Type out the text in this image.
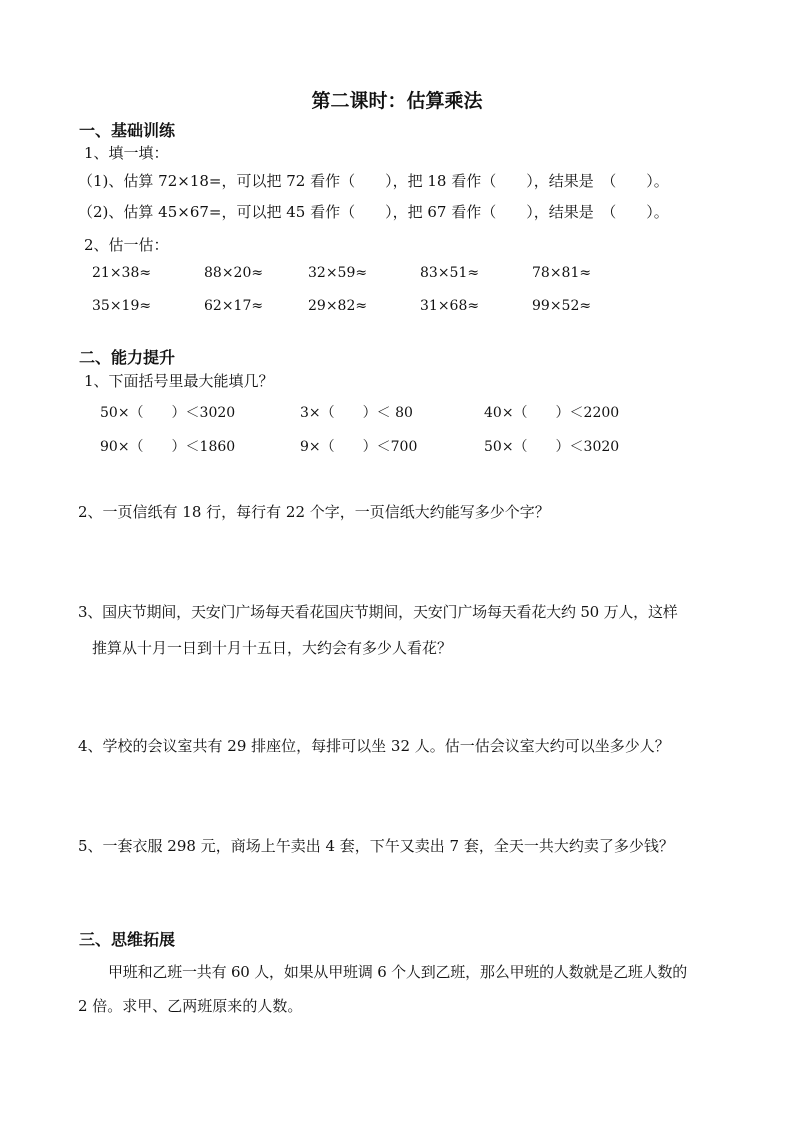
第二课时：估算乘法
一、基础训练
1、填一填：
（1)、估算 72×18=，可以把 72 看作（　　），把 18 看作（　　），结果是　（　　）。
（2)、估算 45×67=，可以把 45 看作（　　），把 67 看作（　　），结果是　（　　）。
2、估一估：
21×38≈	88×20≈	32×59≈	83×51≈	78×81≈
35×19≈	62×17≈	29×82≈	31×68≈	99×52≈
二、能力提升
1、下面括号里最大能填几？
50×（　　）＜3020	3×（　　）＜ 80	40×（　　）＜2200
90×（　　）＜1860	9×（　　）＜700	50×（　　）＜3020
2、一页信纸有 18 行，每行有 22 个字，一页信纸大约能写多少个字？
3、国庆节期间，天安门广场每天看花国庆节期间，天安门广场每天看花大约 50 万人，这样
推算从十月一日到十月十五日，大约会有多少人看花？
4、学校的会议室共有 29 排座位，每排可以坐 32 人。估一估会议室大约可以坐多少人？
5、一套衣服 298 元，商场上午卖出 4 套，下午又卖出 7 套，全天一共大约卖了多少钱？
三、思维拓展
甲班和乙班一共有 60 人，如果从甲班调 6 个人到乙班，那么甲班的人数就是乙班人数的
2 倍。求甲、乙两班原来的人数。
